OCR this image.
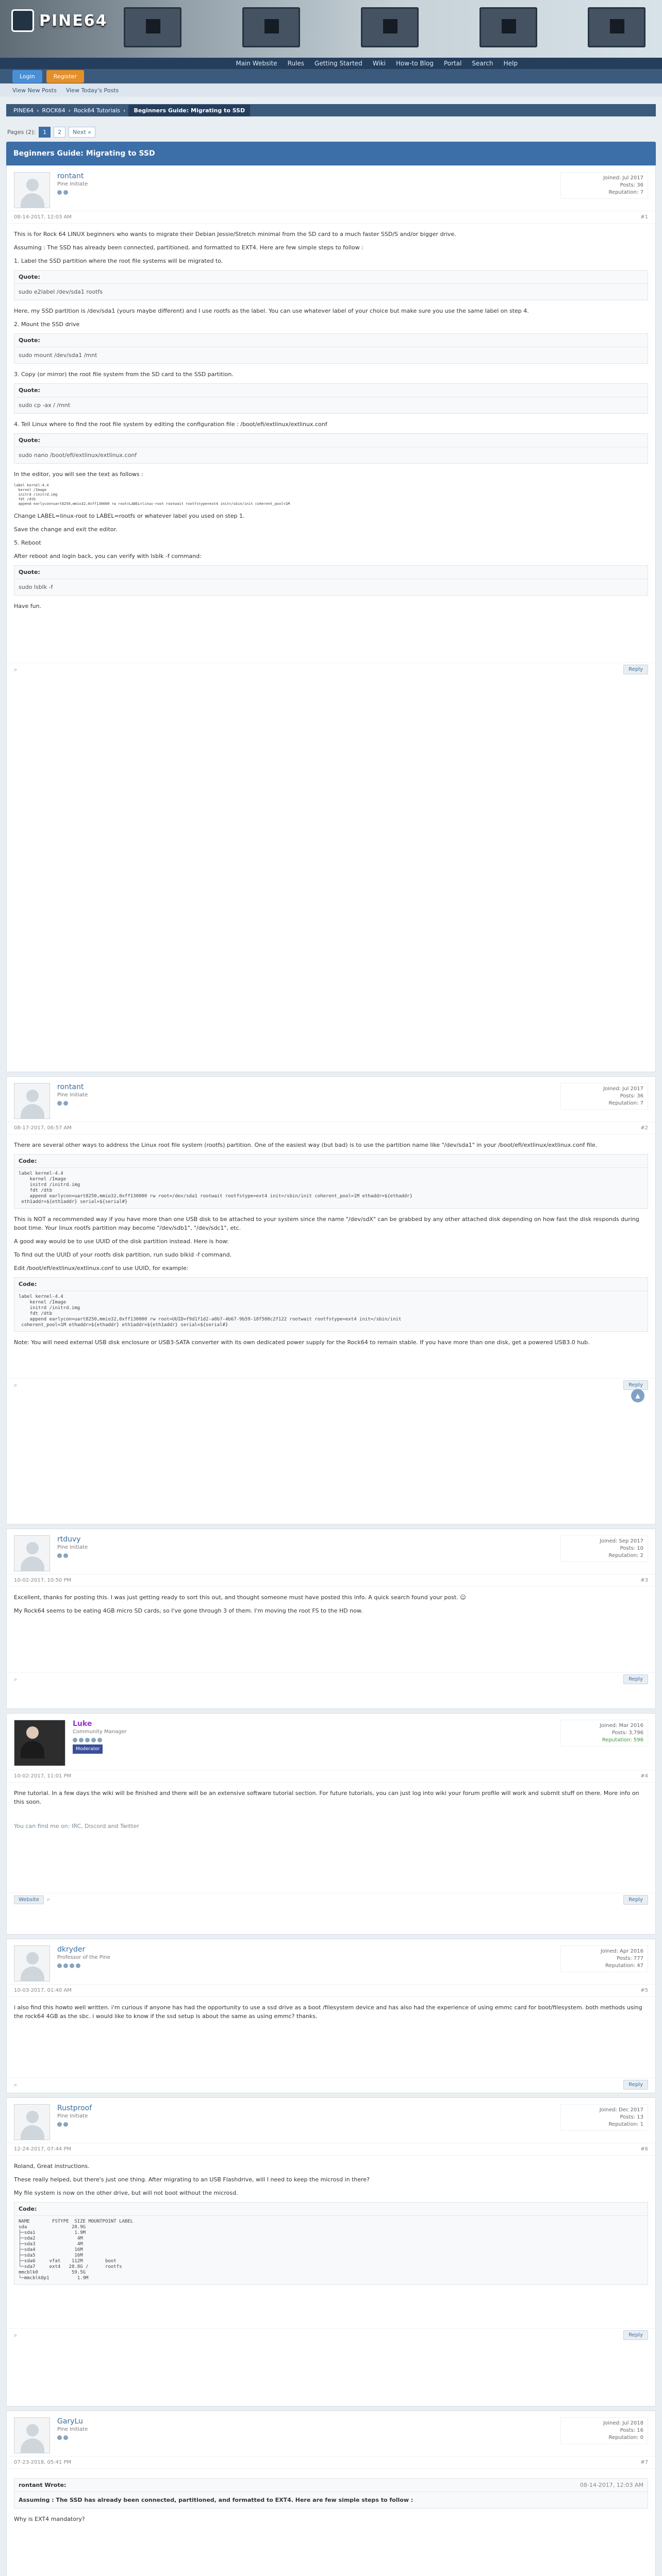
PINE64
Main Website Rules Getting Started Wiki How-to Blog Portal Search Help
Login	Register
View New Posts View Today's Posts
PINE64 › ROCK64 › Rock64 Tutorials ›	Beginners Guide: Migrating to SSD
Pages (2):	1	2	Next »
Beginners Guide: Migrating to SSD
rontant
Pine Initiate
Joined: Jul 2017
Posts: 36
Reputation: 7
08-14-2017, 12:03 AM	#1

This is for Rock 64 LINUX beginners who wants to migrate their Debian Jessie/Stretch minimal from the SD card to a much faster SSD/S and/or bigger drive.

Assuming : The SSD has already been connected, partitioned, and formatted to EXT4. Here are few simple steps to follow :

1. Label the SSD partition where the root file systems will be migrated to.

Quote:
sudo e2label /dev/sda1 rootfs

Here, my SSD partition is /dev/sda1 (yours maybe different) and I use rootfs as the label. You can use whatever label of your choice but make sure you use the same label on step 4.

2. Mount the SSD drive

Quote:
sudo mount /dev/sda1 /mnt

3. Copy (or mirror) the root file system from the SD card to the SSD partition.

Quote:
sudo cp -ax / /mnt

4. Tell Linux where to find the root file system by editing the configuration file : /boot/efi/extlinux/extlinux.conf

Quote:
sudo nano /boot/efi/extlinux/extlinux.conf

In the editor, you will see the text as follows :

label kernel-4.4
kernel /Image
initrd /initrd.img
fdt /dtb
append earlycon=uart8250,mmio32,0xff130000 rw root=LABEL=linux-root rootwait rootfstype=ext4 init=/sbin/init coherent_pool=1M

Change LABEL=linux-root to LABEL=rootfs or whatever label you used on step 1.

Save the change and exit the editor.

5. Reboot

After reboot and login back, you can verify with lsblk -f command:

Quote:
sudo lsblk -f

Have fun.

⌕	Reply
rontant
Pine Initiate
Joined: Jul 2017
Posts: 36
Reputation: 7
08-17-2017, 06:57 AM	#2

There are several other ways to address the Linux root file system (rootfs) partition. One of the easiest way (but bad) is to use the partition name like "/dev/sda1" in your /boot/efi/extlinux/extlinux.conf file.

Code:
label kernel-4.4
kernel /Image
initrd /initrd.img
fdt /dtb
append earlycon=uart8250,mmio32,0xff130000 rw root=/dev/sda1 rootwait rootfstype=ext4 init=/sbin/init coherent_pool=1M ethaddr=${ethaddr}
eth1addr=${eth1addr} serial=${serial#}

This is NOT a recommended way if you have more than one USB disk to be attached to your system since the name "/dev/sdX" can be grabbed by any other attached disk depending on how fast the disk responds during boot time. Your linux rootfs partition may become "/dev/sdb1", "/dev/sdc1", etc.

A good way would be to use UUID of the disk partition instead. Here is how:

To find out the UUID of your rootfs disk partition, run sudo blkid -f command.

Edit /boot/efi/extlinux/extlinux.conf to use UUID, for example:

Code:
label kernel-4.4
kernel /Image
initrd /initrd.img
fdt /dtb
append earlycon=uart8250,mmio32,0xff130000 rw root=UUID=f9d1f1d2-a0b7-4b67-9b59-18f508c2f122 rootwait rootfstype=ext4 init=/sbin/init
coherent_pool=1M ethaddr=${ethaddr} eth1addr=${eth1addr} serial=${serial#}

Note: You will need external USB disk enclosure or USB3-SATA converter with its own dedicated power supply for the Rock64 to remain stable. If you have more than one disk, get a powered USB3.0 hub.

⌕	Reply
rtduvy
Pine Initiate
Joined: Sep 2017
Posts: 10
Reputation: 2
10-02-2017, 10:50 PM	#3

Excellent, thanks for posting this. I was just getting ready to sort this out, and thought someone must have posted this info. A quick search found your post. ☺

My Rock64 seems to be eating 4GB micro SD cards, so I've gone through 3 of them. I'm moving the root FS to the HD now.

⌕	Reply
Luke
Community Manager
Moderator
Joined: Mar 2016
Posts: 3,796
Reputation: 596
10-02-2017, 11:01 PM	#4

Pine tutorial. In a few days the wiki will be finished and there will be an extensive software tutorial section. For future tutorials, you can just log into wiki your forum profile will work and submit stuff on there. More info on this soon.

You can find me on: IRC, Discord and Twitter

Website ⌕	Reply
▲
dkryder
Professor of the Pine
Joined: Apr 2016
Posts: 777
Reputation: 47
10-03-2017, 01:40 AM	#5

i also find this howto well written. i'm curious if anyone has had the opportunity to use a ssd drive as a boot /filesystem device and has also had the experience of using emmc card for boot/filesystem. both methods using the rock64 4GB as the sbc. i would like to know if the ssd setup is about the same as using emmc? thanks.

⌕	Reply
Rustproof
Pine Initiate
Joined: Dec 2017
Posts: 13
Reputation: 1
12-24-2017, 07:44 PM	#6

Roland, Great instructions.

These really helped, but there's just one thing. After migrating to an USB Flashdrive, will I need to keep the microsd in there?

My file system is now on the other drive, but will not boot without the microsd.

Code:
NAME        FSTYPE  SIZE MOUNTPOINT LABEL
sda                28.9G
├─sda1              1.9M
├─sda2               4M
├─sda3               4M
├─sda4              16M
├─sda5              16M
├─sda6     vfat    112M        boot
└─sda7     ext4   28.8G /      rootfs
mmcblk0            59.5G
└─mmcblk0p1          1.9M
⌕	Reply
GaryLu
Pine Initiate
Joined: Jul 2018
Posts: 16
Reputation: 0
07-23-2018, 05:41 PM	#7
rontant Wrote:	08-14-2017, 12:03 AM
Assuming : The SSD has already been connected, partitioned, and formatted to EXT4. Here are few simple steps to follow :

Why is EXT4 mandatory?
